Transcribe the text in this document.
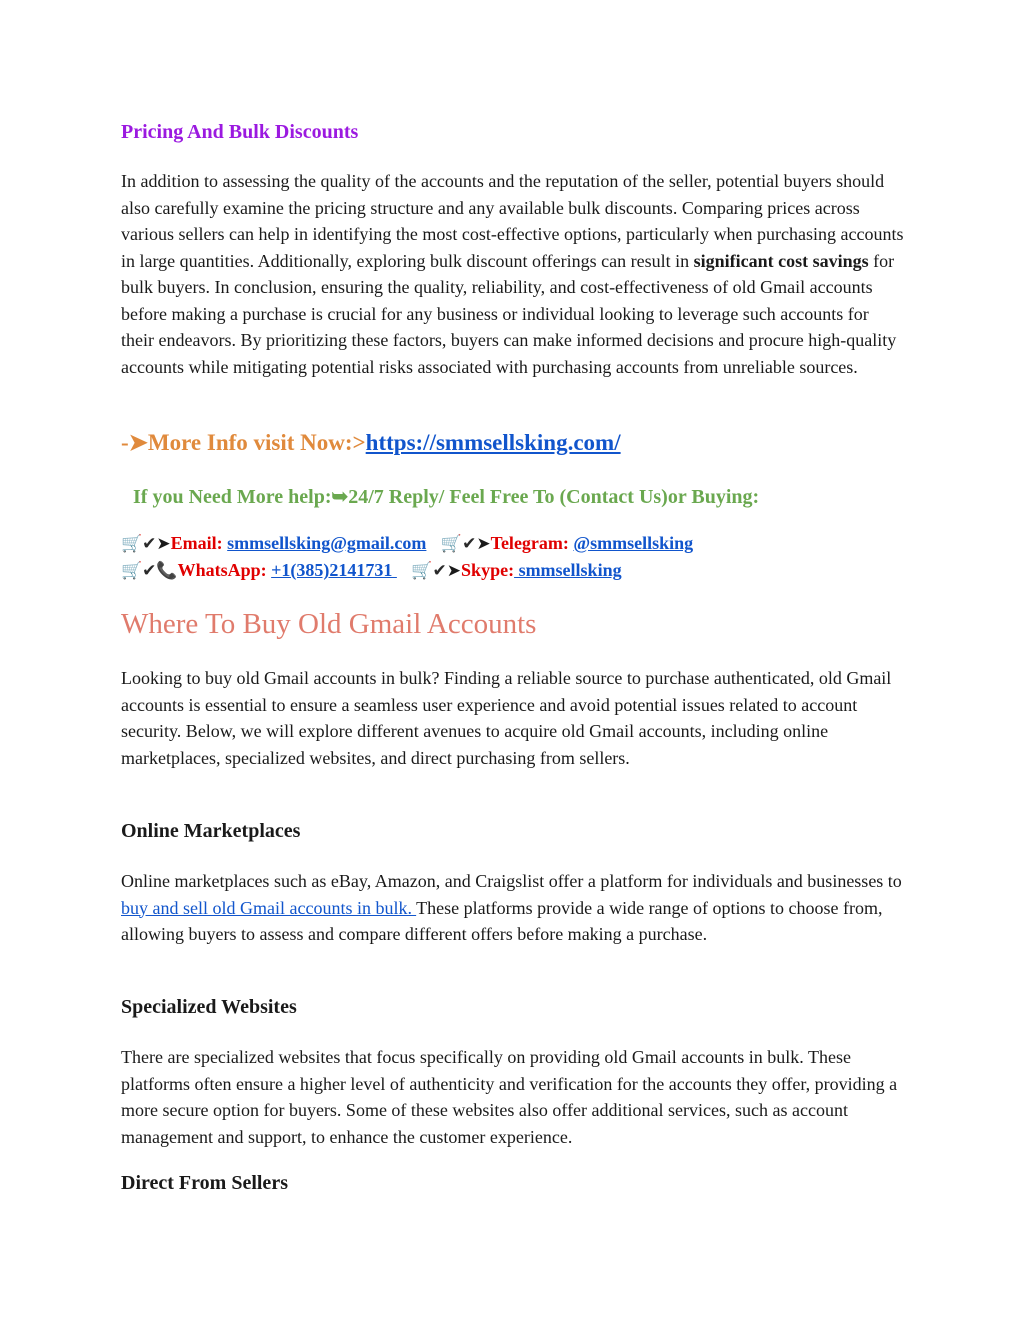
Pricing And Bulk Discounts

In addition to assessing the quality of the accounts and the reputation of the seller, potential buyers should also carefully examine the pricing structure and any available bulk discounts. Comparing prices across various sellers can help in identifying the most cost-effective options, particularly when purchasing accounts in large quantities. Additionally, exploring bulk discount offerings can result in significant cost savings for bulk buyers. In conclusion, ensuring the quality, reliability, and cost-effectiveness of old Gmail accounts before making a purchase is crucial for any business or individual looking to leverage such accounts for their endeavors. By prioritizing these factors, buyers can make informed decisions and procure high-quality accounts while mitigating potential risks associated with purchasing accounts from unreliable sources.

-➤More Info visit Now:>https://smmsellsking.com/
If you Need More help:➥24/7 Reply/ Feel Free To (Contact Us)or Buying:
🛒✔➤Email: smmsellsking@gmail.com 🛒✔➤Telegram: @smmsellsking
🛒✔📞WhatsApp: +1(385)2141731  🛒✔➤Skype: smmsellsking
Where To Buy Old Gmail Accounts

Looking to buy old Gmail accounts in bulk? Finding a reliable source to purchase authenticated, old Gmail accounts is essential to ensure a seamless user experience and avoid potential issues related to account security. Below, we will explore different avenues to acquire old Gmail accounts, including online marketplaces, specialized websites, and direct purchasing from sellers.

Online Marketplaces

Online marketplaces such as eBay, Amazon, and Craigslist offer a platform for individuals and businesses to buy and sell old Gmail accounts in bulk. These platforms provide a wide range of options to choose from, allowing buyers to assess and compare different offers before making a purchase.

Specialized Websites

There are specialized websites that focus specifically on providing old Gmail accounts in bulk. These platforms often ensure a higher level of authenticity and verification for the accounts they offer, providing a more secure option for buyers. Some of these websites also offer additional services, such as account management and support, to enhance the customer experience.

Direct From Sellers
